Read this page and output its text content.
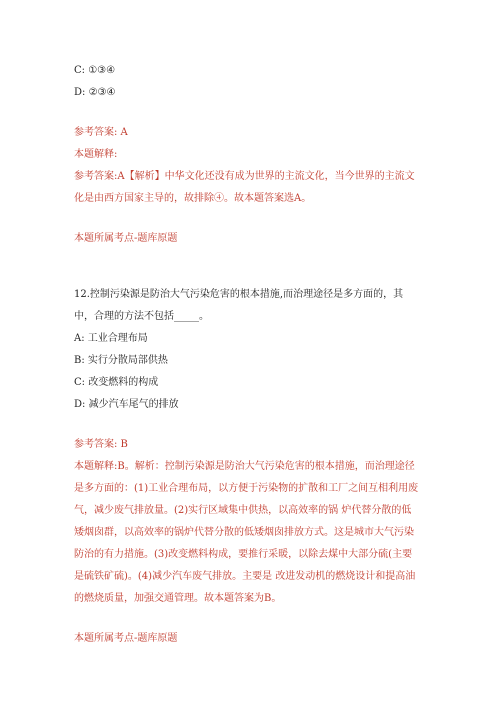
C: ①③④
D: ②③④
参考答案: A
本题解释:
参考答案:A【解析】中华文化还没有成为世界的主流文化，当今世界的主流文
化是由西方国家主导的，故排除④。故本题答案选A。
本题所属考点-题库原题
12.控制污染源是防治大气污染危害的根本措施,而治理途径是多方面的，其
中，合理的方法不包括_____。
A: 工业合理布局
B: 实行分散局部供热
C: 改变燃料的构成
D: 减少汽车尾气的排放
参考答案: B
本题解释:B。解析：控制污染源是防治大气污染危害的根本措施，而治理途径
是多方面的：(1)工业合理布局，以方便于污染物的扩散和工厂之间互相利用废
气，减少废气排放量。(2)实行区域集中供热，以高效率的锅 炉代替分散的低
矮烟囱群，以高效率的锅炉代替分散的低矮烟囱排放方式。这是城市大气污染
防治的有力措施。(3)改变燃料构成，要推行采暖，以除去煤中大部分硫(主要
是硫铁矿硫)。(4)减少汽车废气排放。主要是 改进发动机的燃烧设计和提高油
的燃烧质量，加强交通管理。故本题答案为B。
本题所属考点-题库原题
